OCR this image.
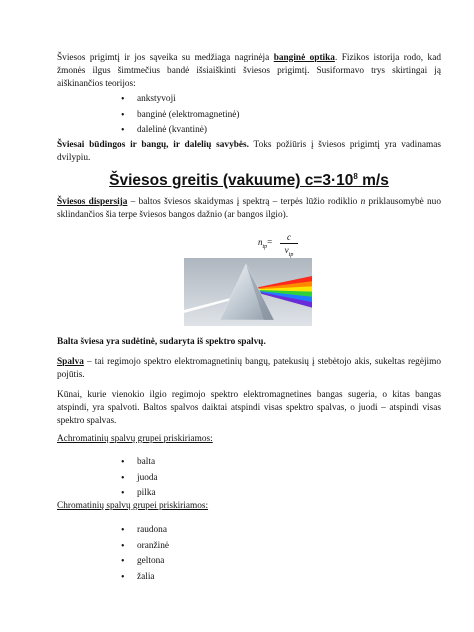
Šviesos prigimtį ir jos sąveika su medžiaga nagrinėja banginė optika. Fizikos istorija rodo, kad žmonės ilgus šimtmečius bandė išsiaiškinti šviesos prigimtį. Susiformavo trys skirtingai ją aiškinančios teorijos:

• ankstyvoji
• banginė (elektromagnetinė)
• dalelinė (kvantinė)

Šviesai būdingos ir bangų, ir dalelių savybės. Toks požiūris į šviesos prigimtį yra vadinamas dvilypiu.

Šviesos greitis (vakuume) $c=3\cdot 10^8$ m/s

Šviesos dispersija – baltos šviesos skaidymas į spektrą – terpės lūžio rodiklio n priklausomybė nuo sklindančios šia terpe šviesos bangos dažnio (ar bangos ilgio).

$n_{tp}=$	c
$v_{tp}$

Balta šviesa yra sudėtinė, sudaryta iš spektro spalvų.

Spalva – tai regimojo spektro elektromagnetinių bangų, patekusių į stebėtojo akis, sukeltas regėjimo pojūtis.

Kūnai, kurie vienokio ilgio regimojo spektro elektromagnetines bangas sugeria, o kitas bangas atspindi, yra spalvoti. Baltos spalvos daiktai atspindi visas spektro spalvas, o juodi – atspindi visas spektro spalvas.

Achromatinių spalvų grupei priskiriamos:

• balta
• juoda
• pilka

Chromatinių spalvų grupei priskiriamos:

• raudona
• oranžinė
• geltona
• žalia
